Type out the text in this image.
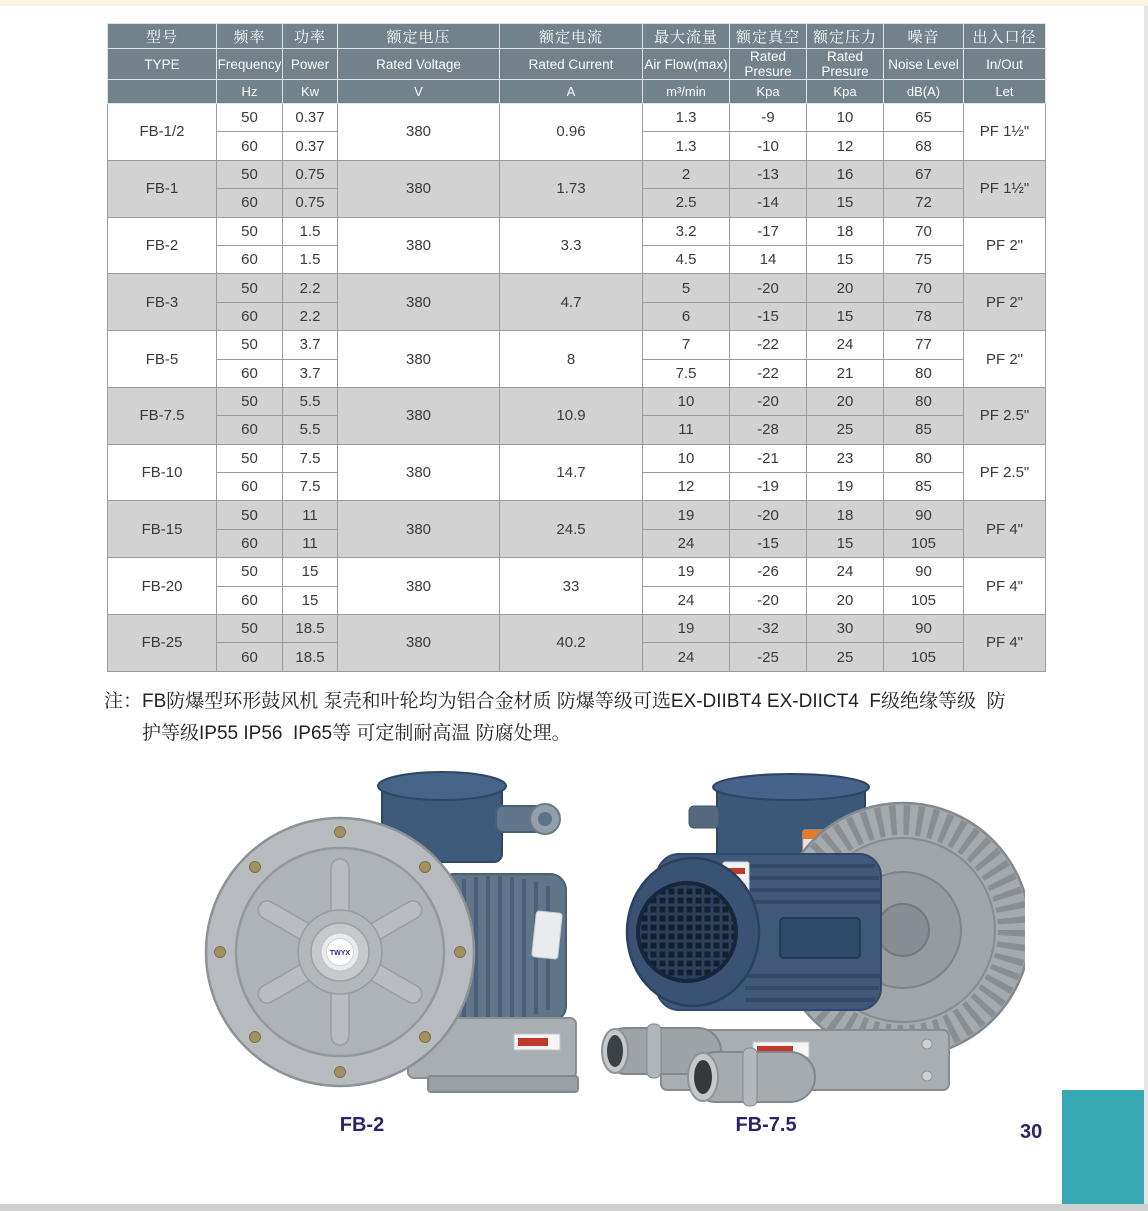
型号	频率	功率	额定电压	额定电流	最大流量	额定真空	额定压力	噪音	出入口径
TYPE	Frequency	Power	Rated Voltage	Rated Current	Air Flow(max)	Rated Presure	Rated Presure	Noise Level	In/Out
	Hz	Kw	V	A	m³/min	Kpa	Kpa	dB(A)	Let
FB-1/2	50	0.37	380	0.96	1.3	-9	10	65	PF 1½"
	60	0.37			1.3	-10	12	68	
FB-1	50	0.75	380	1.73	2	-13	16	67	PF 1½"
	60	0.75			2.5	-14	15	72	
FB-2	50	1.5	380	3.3	3.2	-17	18	70	PF 2"
	60	1.5			4.5	14	15	75	
FB-3	50	2.2	380	4.7	5	-20	20	70	PF 2"
	60	2.2			6	-15	15	78	
FB-5	50	3.7	380	8	7	-22	24	77	PF 2"
	60	3.7			7.5	-22	21	80	
FB-7.5	50	5.5	380	10.9	10	-20	20	80	PF 2.5"
	60	5.5			11	-28	25	85	
FB-10	50	7.5	380	14.7	10	-21	23	80	PF 2.5"
	60	7.5			12	-19	19	85	
FB-15	50	11	380	24.5	19	-20	18	90	PF 4"
	60	11			24	-15	15	105	
FB-20	50	15	380	33	19	-26	24	90	PF 4"
	60	15			24	-20	20	105	
FB-25	50	18.5	380	40.2	19	-32	30	90	PF 4"
	60	18.5			24	-25	25	105	
注： FB防爆型环形鼓风机 泵壳和叶轮均为铝合金材质 防爆等级可选EX-DIIBT4 EX-DIICT4  F级绝缘等级  防
护等级IP55 IP56  IP65等 可定制耐高温 防腐处理。
TWYX
FB-2	FB-7.5	30
